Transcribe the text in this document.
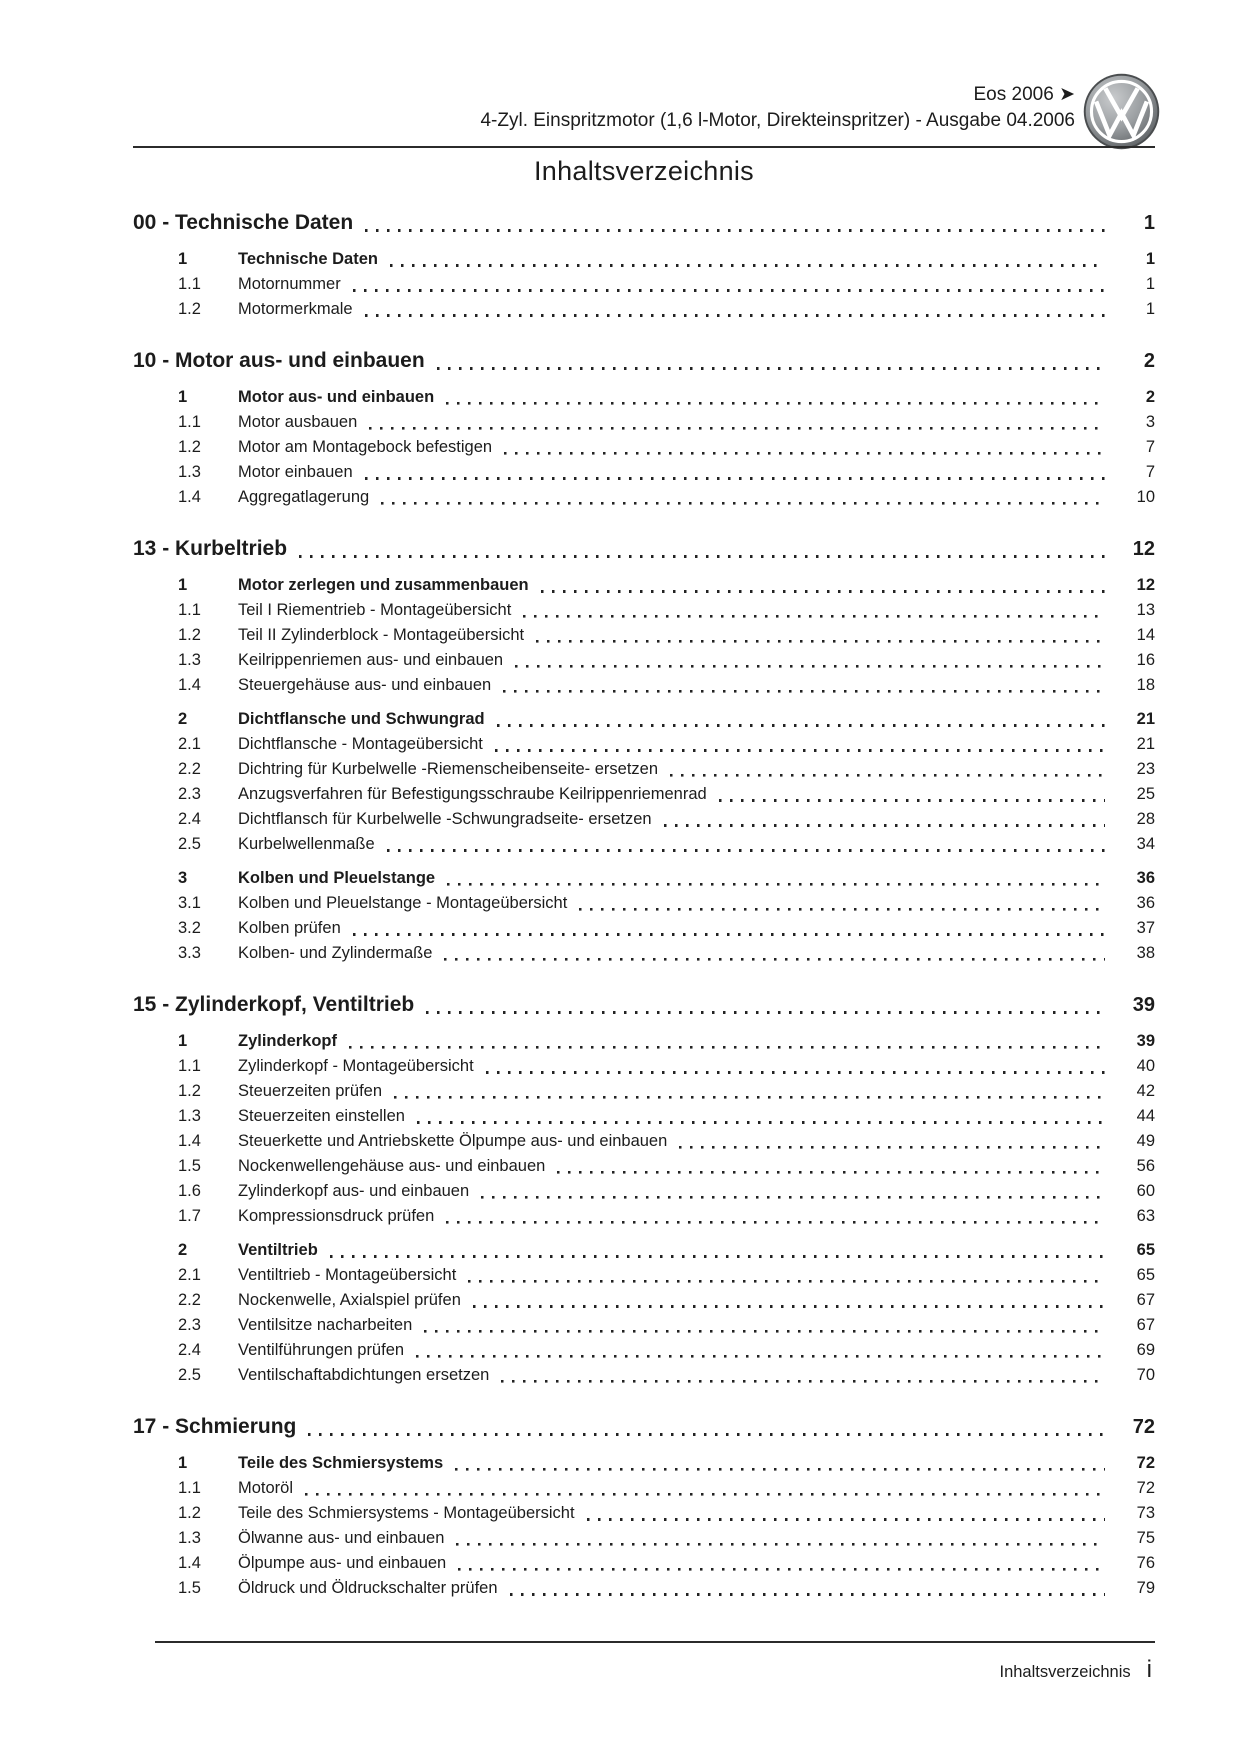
Eos 2006 ➤
4-Zyl. Einspritzmotor (1,6 l-Motor, Direkteinspritzer) - Ausgabe 04.2006
Inhaltsverzeichnis
00 - Technische Daten	1
1	Technische Daten	1
1.1	Motornummer	1
1.2	Motormerkmale	1
10 - Motor aus- und einbauen	2
1	Motor aus- und einbauen	2
1.1	Motor ausbauen	3
1.2	Motor am Montagebock befestigen	7
1.3	Motor einbauen	7
1.4	Aggregatlagerung	10
13 - Kurbeltrieb	12
1	Motor zerlegen und zusammenbauen	12
1.1	Teil I Riementrieb - Montageübersicht	13
1.2	Teil II Zylinderblock - Montageübersicht	14
1.3	Keilrippenriemen aus- und einbauen	16
1.4	Steuergehäuse aus- und einbauen	18
2	Dichtflansche und Schwungrad	21
2.1	Dichtflansche - Montageübersicht	21
2.2	Dichtring für Kurbelwelle -Riemenscheibenseite- ersetzen	23
2.3	Anzugsverfahren für Befestigungsschraube Keilrippenriemenrad	25
2.4	Dichtflansch für Kurbelwelle -Schwungradseite- ersetzen	28
2.5	Kurbelwellenmaße	34
3	Kolben und Pleuelstange	36
3.1	Kolben und Pleuelstange - Montageübersicht	36
3.2	Kolben prüfen	37
3.3	Kolben- und Zylindermaße	38
15 - Zylinderkopf, Ventiltrieb	39
1	Zylinderkopf	39
1.1	Zylinderkopf - Montageübersicht	40
1.2	Steuerzeiten prüfen	42
1.3	Steuerzeiten einstellen	44
1.4	Steuerkette und Antriebskette Ölpumpe aus- und einbauen	49
1.5	Nockenwellengehäuse aus- und einbauen	56
1.6	Zylinderkopf aus- und einbauen	60
1.7	Kompressionsdruck prüfen	63
2	Ventiltrieb	65
2.1	Ventiltrieb - Montageübersicht	65
2.2	Nockenwelle, Axialspiel prüfen	67
2.3	Ventilsitze nacharbeiten	67
2.4	Ventilführungen prüfen	69
2.5	Ventilschaftabdichtungen ersetzen	70
17 - Schmierung	72
1	Teile des Schmiersystems	72
1.1	Motoröl	72
1.2	Teile des Schmiersystems - Montageübersicht	73
1.3	Ölwanne aus- und einbauen	75
1.4	Ölpumpe aus- und einbauen	76
1.5	Öldruck und Öldruckschalter prüfen	79
Inhaltsverzeichnis i
